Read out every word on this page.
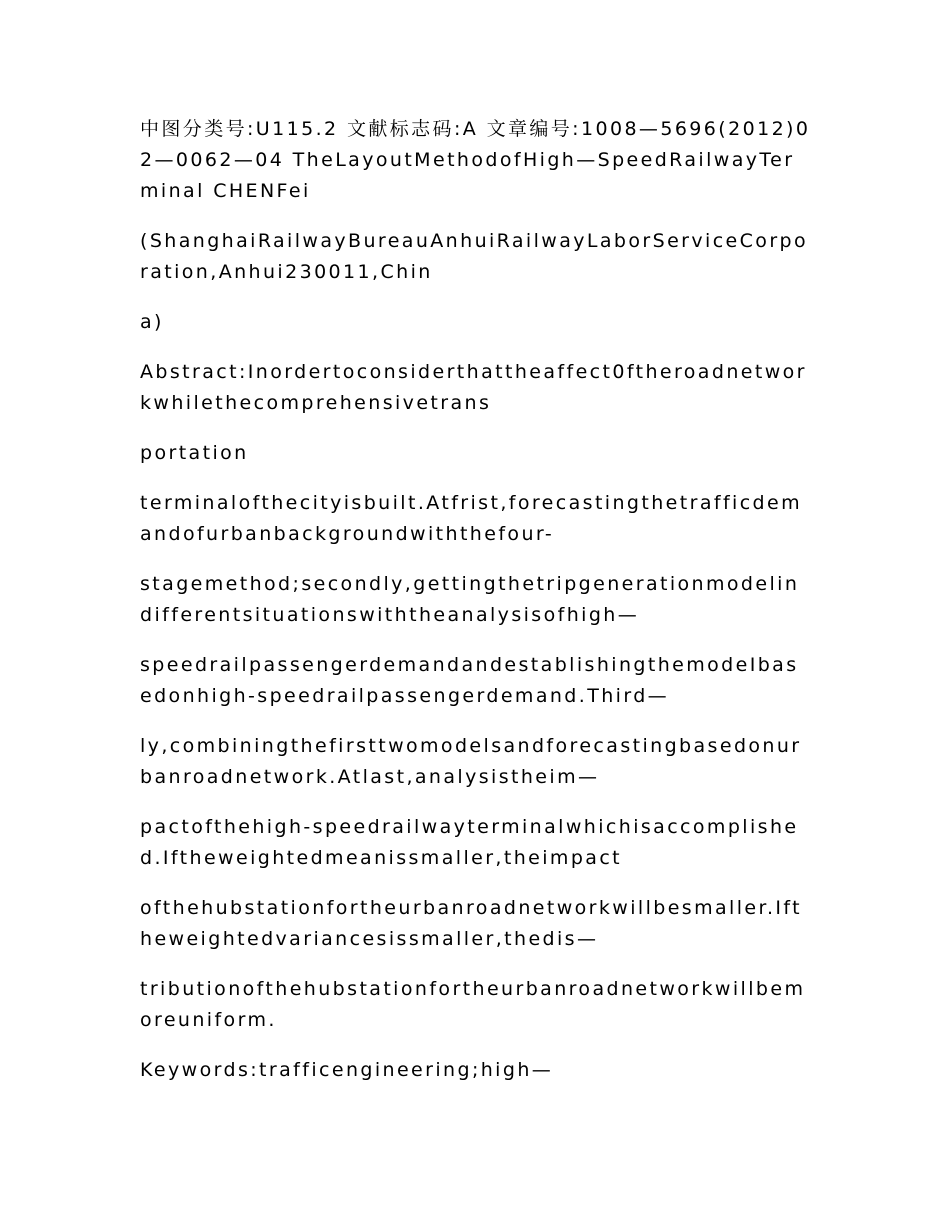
中图分类号:U115.2 文献标志码:A 文章编号:1008—5696(2012)02—0062—04 TheLayoutMethodofHigh—SpeedRailwayTerminal CHENFei

(ShanghaiRailwayBureauAnhuiRailwayLaborServiceCorporation,Anhui230011,Chin

a)

Abstract:Inordertoconsiderthattheaffect0ftheroadnetworkwhilethecomprehensivetrans

portation

terminalofthecityisbuilt.Atfrist,forecastingthetrafficdemandofurbanbackgroundwiththefour-

stagemethod;secondly,gettingthetripgenerationmodelindifferentsituationswiththeanalysisofhigh—

speedrailpassengerdemandandestablishingthemodeIbasedonhigh-speedrailpassengerdemand.Third—

ly,combiningthefirsttwomodelsandforecastingbasedonurbanroadnetwork.Atlast,analysistheim—

pactofthehigh-speedrailwayterminalwhichisaccomplished.Iftheweightedmeanissmaller,theimpact

ofthehubstationfortheurbanroadnetworkwillbesmaller.Iftheweightedvariancesissmaller,thedis—

tributionofthehubstationfortheurbanroadnetworkwillbemoreuniform.

Keywords:trafficengineering;high—
